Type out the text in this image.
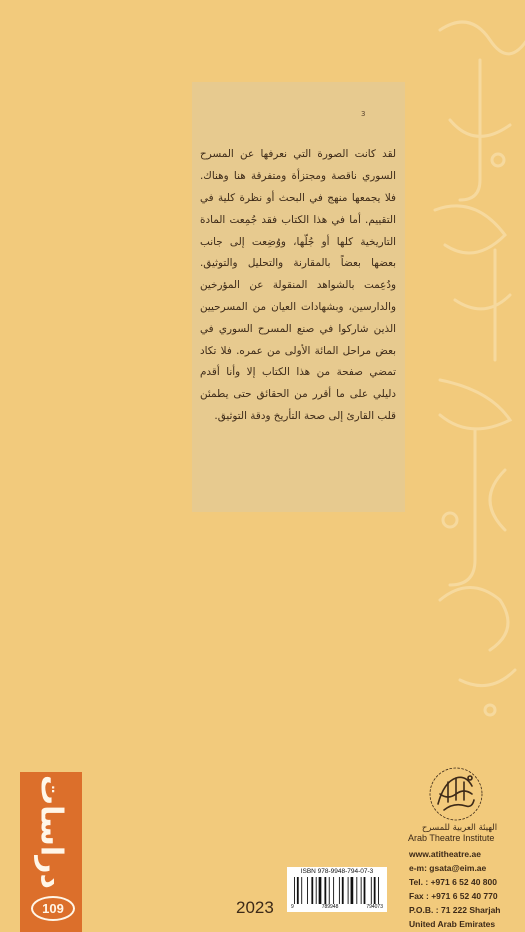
3

لقد كانت الصورة التي نعرفها عن المسرح السوري ناقصة ومجتزأة ومتفرقة هنا وهناك. فلا يجمعها منهج في البحث أو نظرة كلية في التقييم. أما في هذا الكتاب فقد جُمِعت المادة التاريخية كلها أو جُلّها، ووُضِعت إلى جانب بعضها بعضاً بالمقارنة والتحليل والتوثيق. ودُعِمت بالشواهد المنقولة عن المؤرخين والدارسين، وبشهادات العيان من المسرحيين الذين شاركوا في صنع المسرح السوري في بعض مراحل المائة الأولى من عمره. فلا تكاد تمضي صفحة من هذا الكتاب إلا وأنا أقدم دليلي على ما أقرر من الحقائق حتى يطمئن قلب القارئ إلى صحة التأريخ ودقة التوثيق.

دراسات
109
الهيئة العربية للمسرح
Arab Theatre Institute
www.atitheatre.ae
e-m: gsata@eim.ae
Tel. : +971 6 52 40 800
Fax : +971 6 52 40 770
P.O.B. : 71 222 Sharjah
United Arab Emirates
ISBN 978-9948-794-07-3
9	789948	794073
2023
